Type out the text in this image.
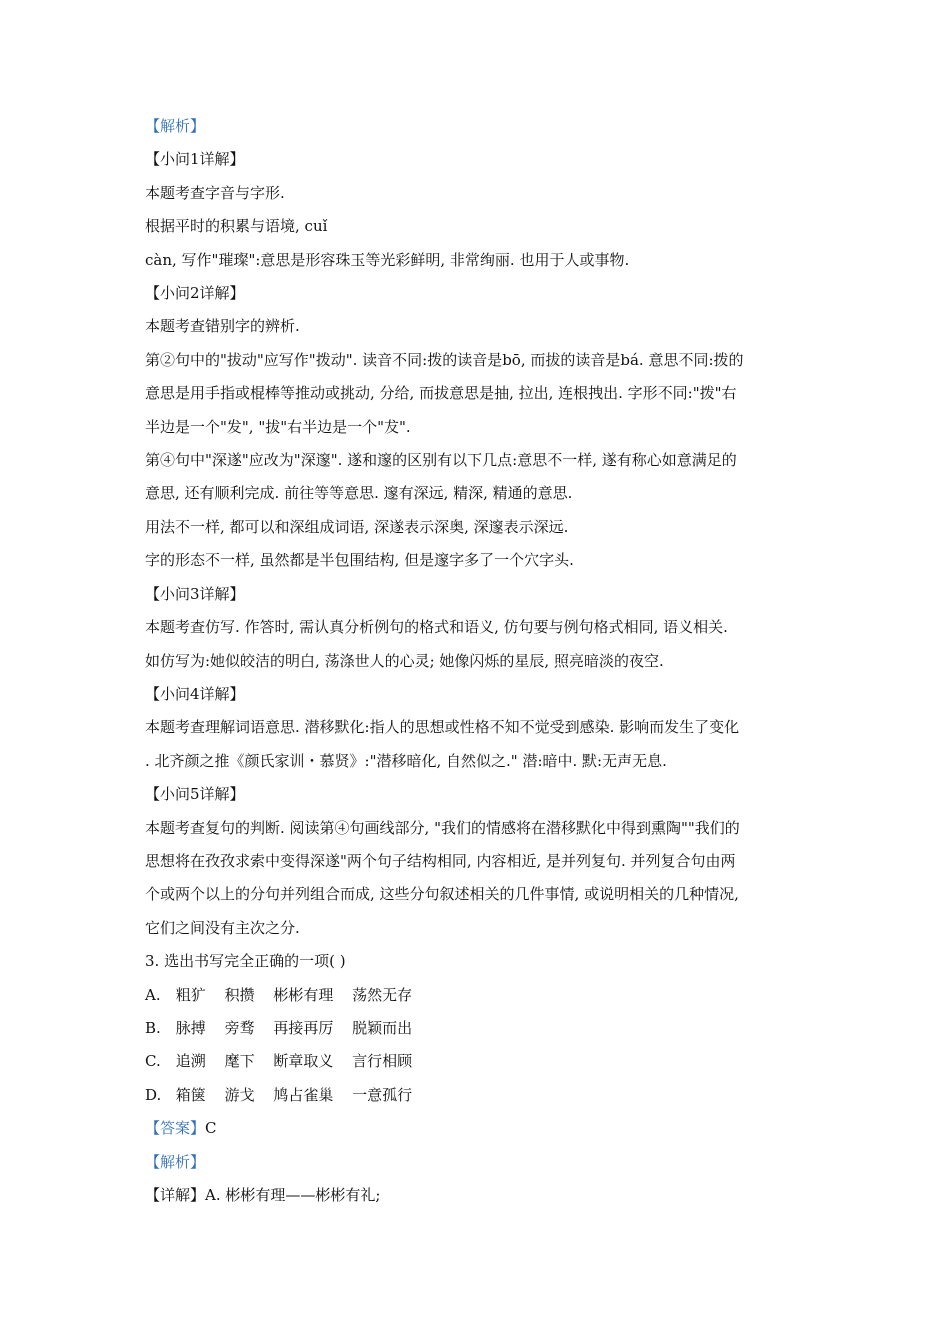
【解析】
【小问1详解】
本题考查字音与字形.
根据平时的积累与语境, cuǐ
càn, 写作"璀璨":意思是形容珠玉等光彩鲜明, 非常绚丽. 也用于人或事物.
【小问2详解】
本题考查错别字的辨析.
第②句中的"拔动"应写作"拨动". 读音不同:拨的读音是bō, 而拔的读音是bá. 意思不同:拨的
意思是用手指或棍棒等推动或挑动, 分给, 而拔意思是抽, 拉出, 连根拽出. 字形不同:"拨"右
半边是一个"发", "拔"右半边是一个"犮".
第④句中"深遂"应改为"深邃". 遂和邃的区别有以下几点:意思不一样, 遂有称心如意满足的
意思, 还有顺利完成. 前往等等意思. 邃有深远, 精深, 精通的意思.
用法不一样, 都可以和深组成词语, 深遂表示深奥, 深邃表示深远.
字的形态不一样, 虽然都是半包围结构, 但是邃字多了一个穴字头.
【小问3详解】
本题考查仿写. 作答时, 需认真分析例句的格式和语义, 仿句要与例句格式相同, 语义相关.
如仿写为:她似皎洁的明白, 荡涤世人的心灵; 她像闪烁的星辰, 照亮暗淡的夜空.
【小问4详解】
本题考查理解词语意思. 潜移默化:指人的思想或性格不知不觉受到感染. 影响而发生了变化
. 北齐颜之推《颜氏家训・慕贤》:"潜移暗化, 自然似之." 潜:暗中. 默:无声无息.
【小问5详解】
本题考查复句的判断. 阅读第④句画线部分, "我们的情感将在潜移默化中得到熏陶""我们的
思想将在孜孜求索中变得深遂"两个句子结构相同, 内容相近, 是并列复句. 并列复合句由两
个或两个以上的分句并列组合而成, 这些分句叙述相关的几件事情, 或说明相关的几种情况,
它们之间没有主次之分.
3. 选出书写完全正确的一项( )
A. 粗犷 积攒 彬彬有理 荡然无存
B. 脉搏 旁骛 再接再厉 脱颖而出
C. 追溯 麾下 断章取义 言行相顾
D. 箱箧 游戈 鸠占雀巢 一意孤行
【答案】C
【解析】
【详解】A. 彬彬有理——彬彬有礼;
